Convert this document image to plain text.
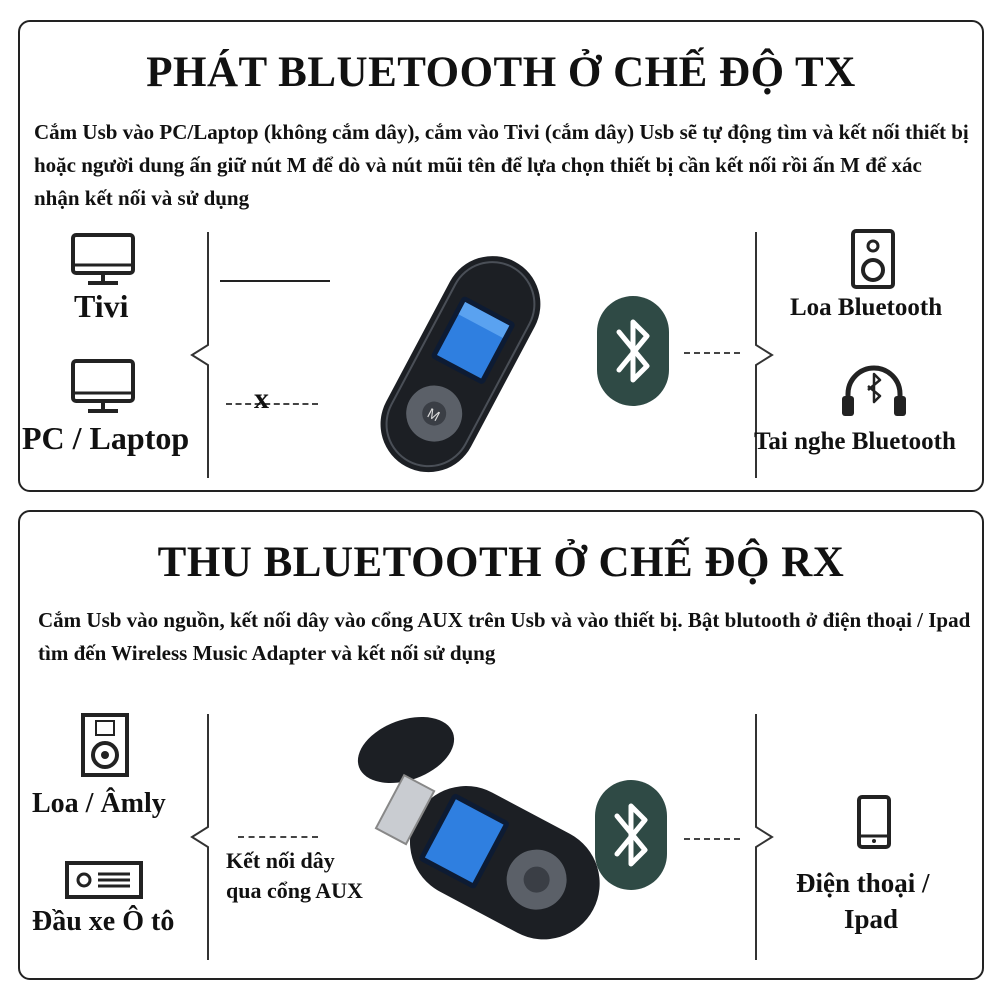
PHÁT BLUETOOTH Ở CHẾ ĐỘ TX
Cắm Usb vào PC/Laptop (không cắm dây), cắm vào Tivi (cắm dây) Usb sẽ tự động tìm và kết nối thiết bị hoặc người dung ấn giữ nút M để dò và nút mũi tên để lựa chọn thiết bị cần kết nối rồi ấn M để xác nhận kết nối và sử dụng
Tivi
PC / Laptop
x	M
Loa Bluetooth
Tai nghe Bluetooth
THU BLUETOOTH Ở CHẾ ĐỘ RX
Cắm Usb vào nguồn, kết nối dây vào cổng AUX trên Usb và vào thiết bị. Bật blutooth ở điện thoại / Ipad tìm đến Wireless Music Adapter và kết nối sử dụng
Loa / Âmly
Đầu xe Ô tô
Kết nối dây
qua cổng AUX	Điện thoại /
Ipad
